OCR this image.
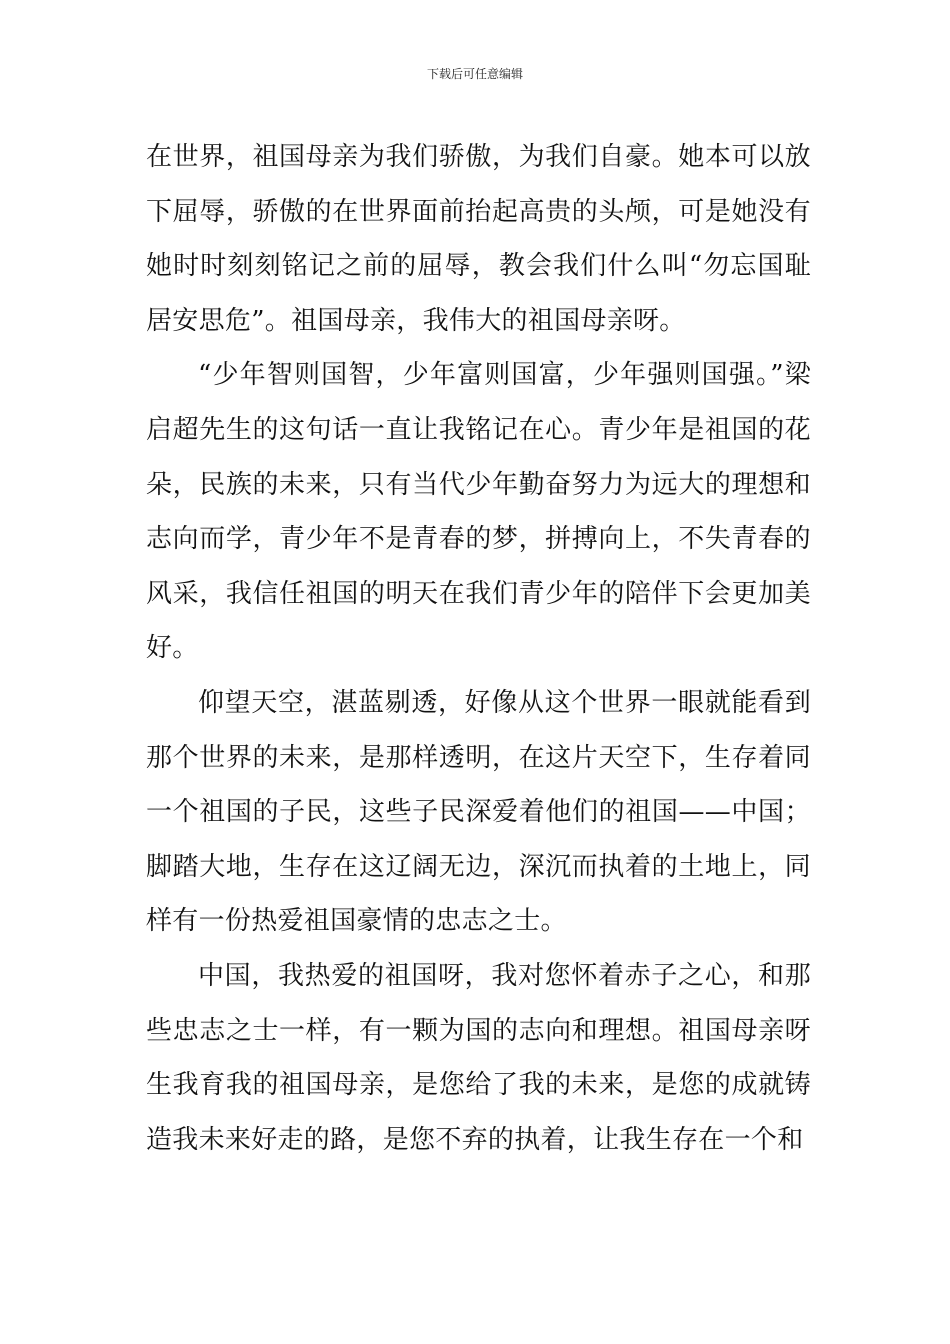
下载后可任意编辑

在世界，祖国母亲为我们骄傲，为我们自豪。她本可以放下屈辱，骄傲的在世界面前抬起高贵的头颅，可是她没有她时时刻刻铭记之前的屈辱，教会我们什么叫“勿忘国耻居安思危”。祖国母亲，我伟大的祖国母亲呀。

“少年智则国智，少年富则国富，少年强则国强。”梁启超先生的这句话一直让我铭记在心。青少年是祖国的花朵，民族的未来，只有当代少年勤奋努力为远大的理想和志向而学，青少年不是青春的梦，拼搏向上，不失青春的风采，我信任祖国的明天在我们青少年的陪伴下会更加美好。

仰望天空，湛蓝剔透，好像从这个世界一眼就能看到那个世界的未来，是那样透明，在这片天空下，生存着同一个祖国的子民，这些子民深爱着他们的祖国——中国；脚踏大地，生存在这辽阔无边，深沉而执着的土地上，同样有一份热爱祖国豪情的忠志之士。

中国，我热爱的祖国呀，我对您怀着赤子之心，和那些忠志之士一样，有一颗为国的志向和理想。祖国母亲呀生我育我的祖国母亲，是您给了我的未来，是您的成就铸造我未来好走的路，是您不弃的执着，让我生存在一个和
